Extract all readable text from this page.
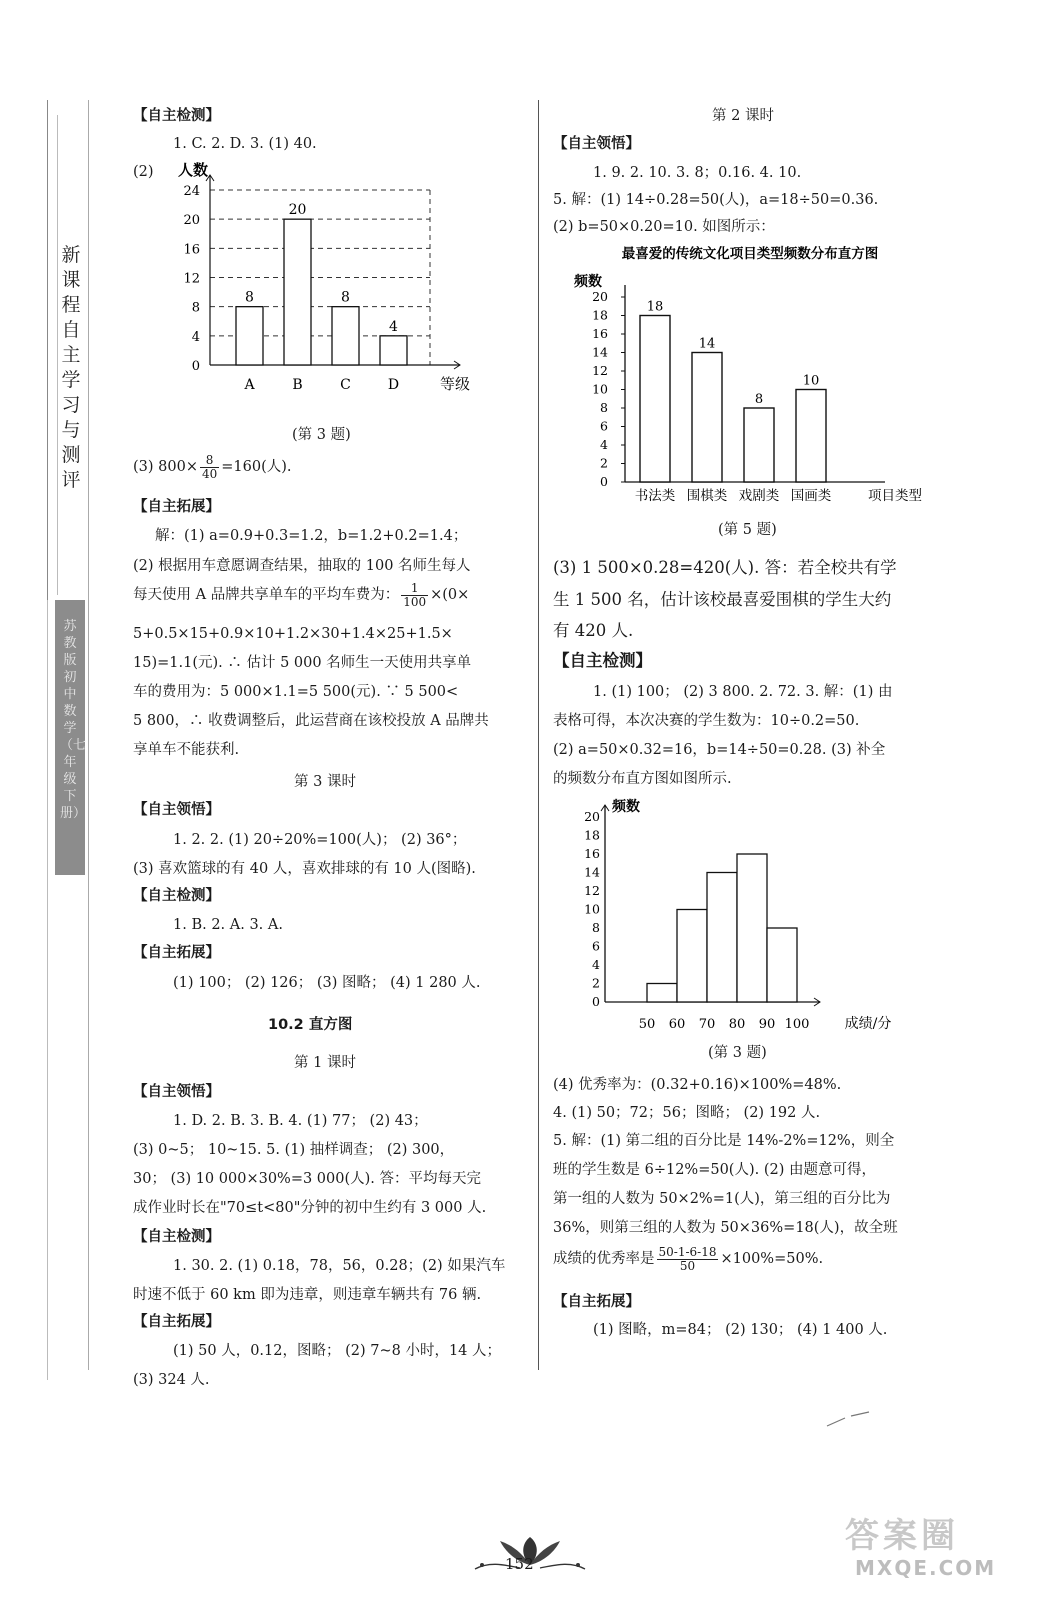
新课程自主学习与测评
苏教版初中数学（七年级下册）
【自主检测】
1. C. 2. D. 3. (1) 40.
(2) 人数
0
4
8
12
16
20
24
8
A
20
B
8
C
4
D	等级
(第 3 题)
(3) $800\times \frac{8}{40} =160$(人).
【自主拓展】
解：(1) a=0.9+0.3=1.2，b=1.2+0.2=1.4；
(2) 根据用车意愿调查结果，抽取的 100 名师生每人
每天使用 A 品牌共享单车的平均车费为： $\frac{1}{100} \times(0\times$
5+0.5×15+0.9×10+1.2×30+1.4×25+1.5×
15)=1.1(元). ∴ 估计 5 000 名师生一天使用共享单
车的费用为：5 000×1.1=5 500(元). ∵ 5 500<
5 800，∴ 收费调整后，此运营商在该校投放 A 品牌共
享单车不能获利.
第 3 课时
【自主领悟】
1. 2. 2. (1) 20÷20%=100(人)； (2) 36°；
(3) 喜欢篮球的有 40 人，喜欢排球的有 10 人(图略).
【自主检测】
1. B. 2. A. 3. A.
【自主拓展】
(1) 100； (2) 126； (3) 图略； (4) 1 280 人.
10.2 直方图
第 1 课时
【自主领悟】
1. D. 2. B. 3. B. 4. (1) 77； (2) 43；
(3) 0~5； 10~15. 5. (1) 抽样调查； (2) 300，
30； (3) 10 000×30%=3 000(人). 答：平均每天完
成作业时长在"70≤t<80"分钟的初中生约有 3 000 人.
【自主检测】
1. 30. 2. (1) 0.18，78，56，0.28；(2) 如果汽车
时速不低于 60 km 即为违章，则违章车辆共有 76 辆.
【自主拓展】
(1) 50 人，0.12，图略； (2) 7~8 小时，14 人；
(3) 324 人.
第 2 课时
【自主领悟】
1. 9. 2. 10. 3. 8；0.16. 4. 10.
5. 解：(1) 14÷0.28=50(人)，a=18÷50=0.36.
(2) b=50×0.20=10. 如图所示：
最喜爱的传统文化项目类型频数分布直方图
频数
0
2
4
6
8
10
12
14
16
18
20
18
书法类
14
围棋类
8
戏剧类
10
国画类	项目类型
(第 5 题)
(3) 1 500×0.28=420(人). 答：若全校共有学
生 1 500 名，估计该校最喜爱围棋的学生大约
有 420 人.
【自主检测】
1. (1) 100； (2) 3 800. 2. 72. 3. 解：(1) 由
表格可得，本次决赛的学生数为：10÷0.2=50.
(2) a=50×0.32=16，b=14÷50=0.28. (3) 补全
的频数分布直方图如图所示.
频数
0
2
4
6
8
10
12
14
16
18
20
50 60 70 80 90 100	成绩/分
(第 3 题)
(4) 优秀率为：(0.32+0.16)×100%=48%.
4. (1) 50；72；56；图略； (2) 192 人.
5. 解：(1) 第二组的百分比是 14%-2%=12%，则全
班的学生数是 6÷12%=50(人). (2) 由题意可得，
第一组的人数为 50×2%=1(人)，第三组的百分比为
36%，则第三组的人数为 50×36%=18(人)，故全班
成绩的优秀率是 $\frac{50-1-6-18}{50} \times 100\%=50\%$.
【自主拓展】
(1) 图略，m=84； (2) 130； (4) 1 400 人.
152
答案圈
MXQE.COM
